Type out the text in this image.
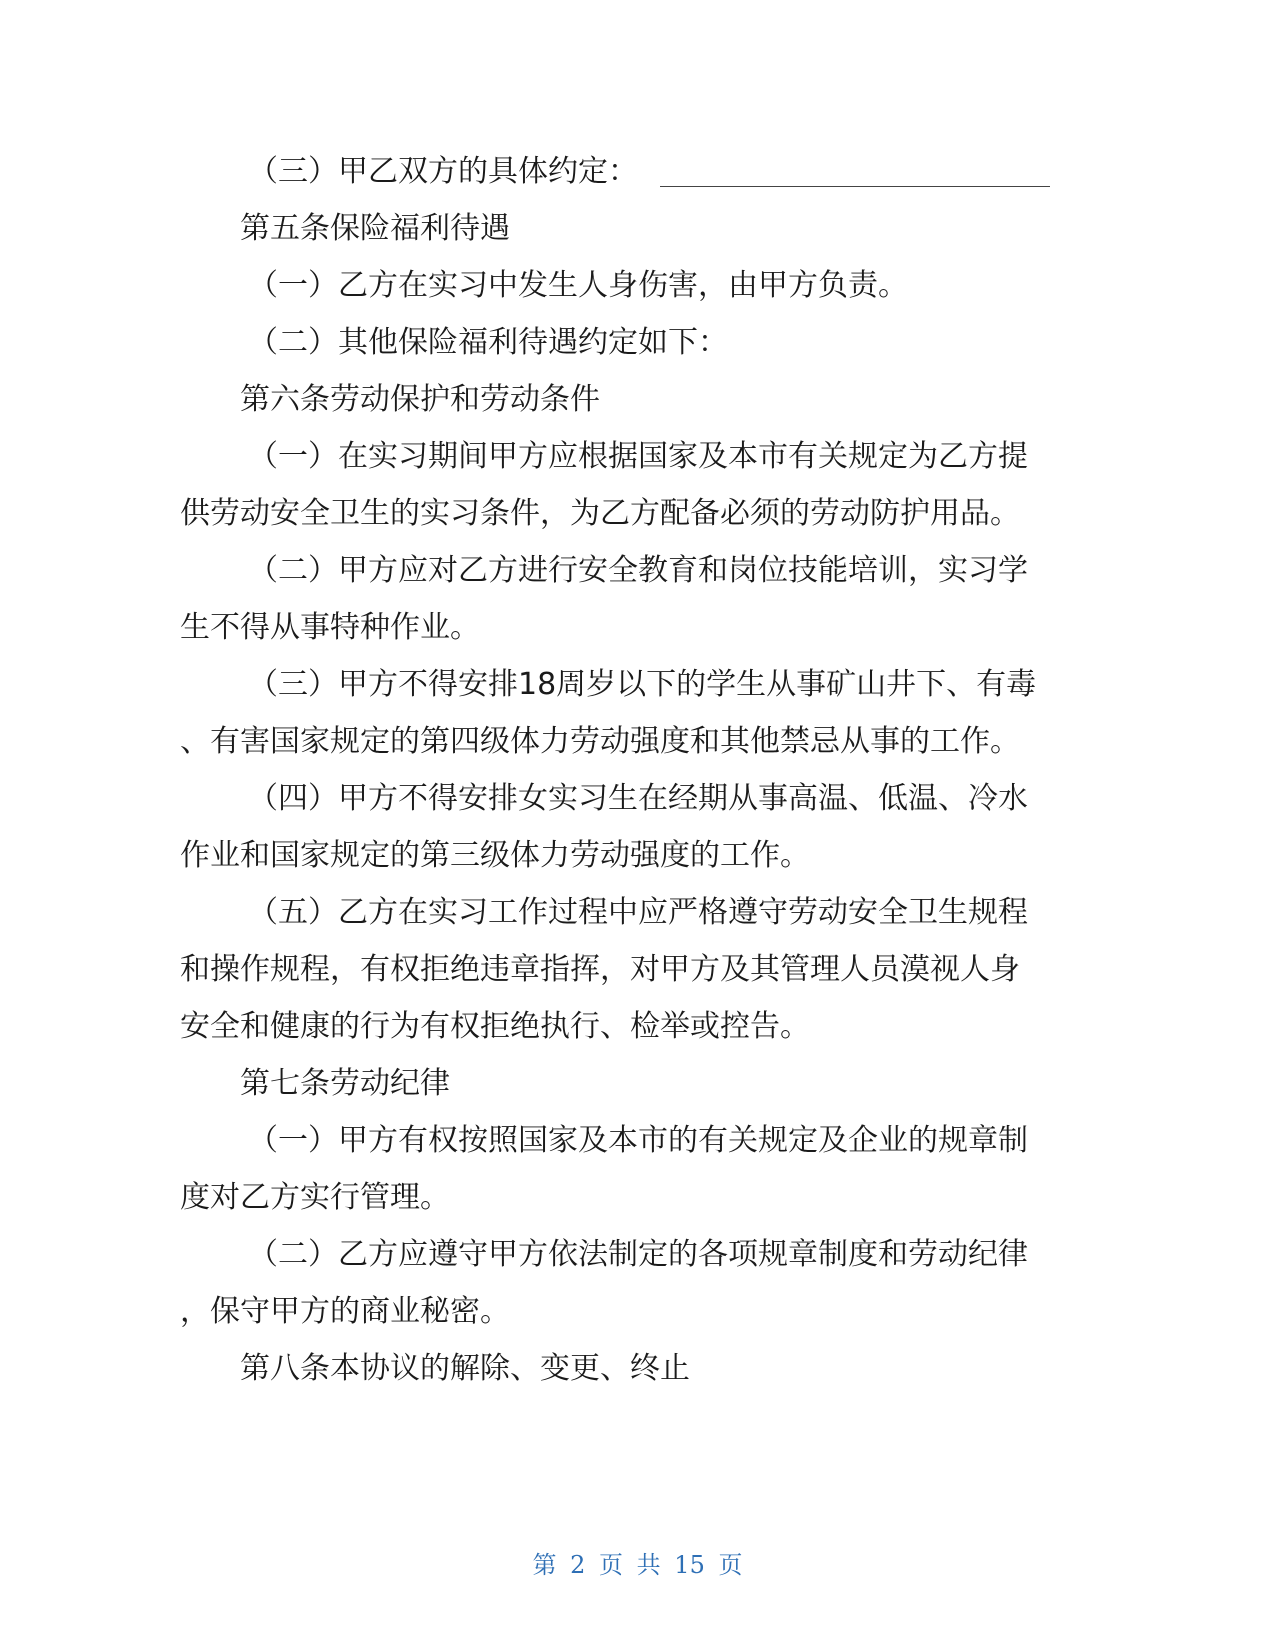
（三）甲乙双方的具体约定：
第五条保险福利待遇
（一）乙方在实习中发生人身伤害，由甲方负责。
（二）其他保险福利待遇约定如下：
第六条劳动保护和劳动条件
（一）在实习期间甲方应根据国家及本市有关规定为乙方提
供劳动安全卫生的实习条件，为乙方配备必须的劳动防护用品。
（二）甲方应对乙方进行安全教育和岗位技能培训，实习学
生不得从事特种作业。
（三）甲方不得安排18周岁以下的学生从事矿山井下、有毒
、有害国家规定的第四级体力劳动强度和其他禁忌从事的工作。
（四）甲方不得安排女实习生在经期从事高温、低温、冷水
作业和国家规定的第三级体力劳动强度的工作。
（五）乙方在实习工作过程中应严格遵守劳动安全卫生规程
和操作规程，有权拒绝违章指挥，对甲方及其管理人员漠视人身
安全和健康的行为有权拒绝执行、检举或控告。
第七条劳动纪律
（一）甲方有权按照国家及本市的有关规定及企业的规章制
度对乙方实行管理。
（二）乙方应遵守甲方依法制定的各项规章制度和劳动纪律
，保守甲方的商业秘密。
第八条本协议的解除、变更、终止
第 2 页 共 15 页
